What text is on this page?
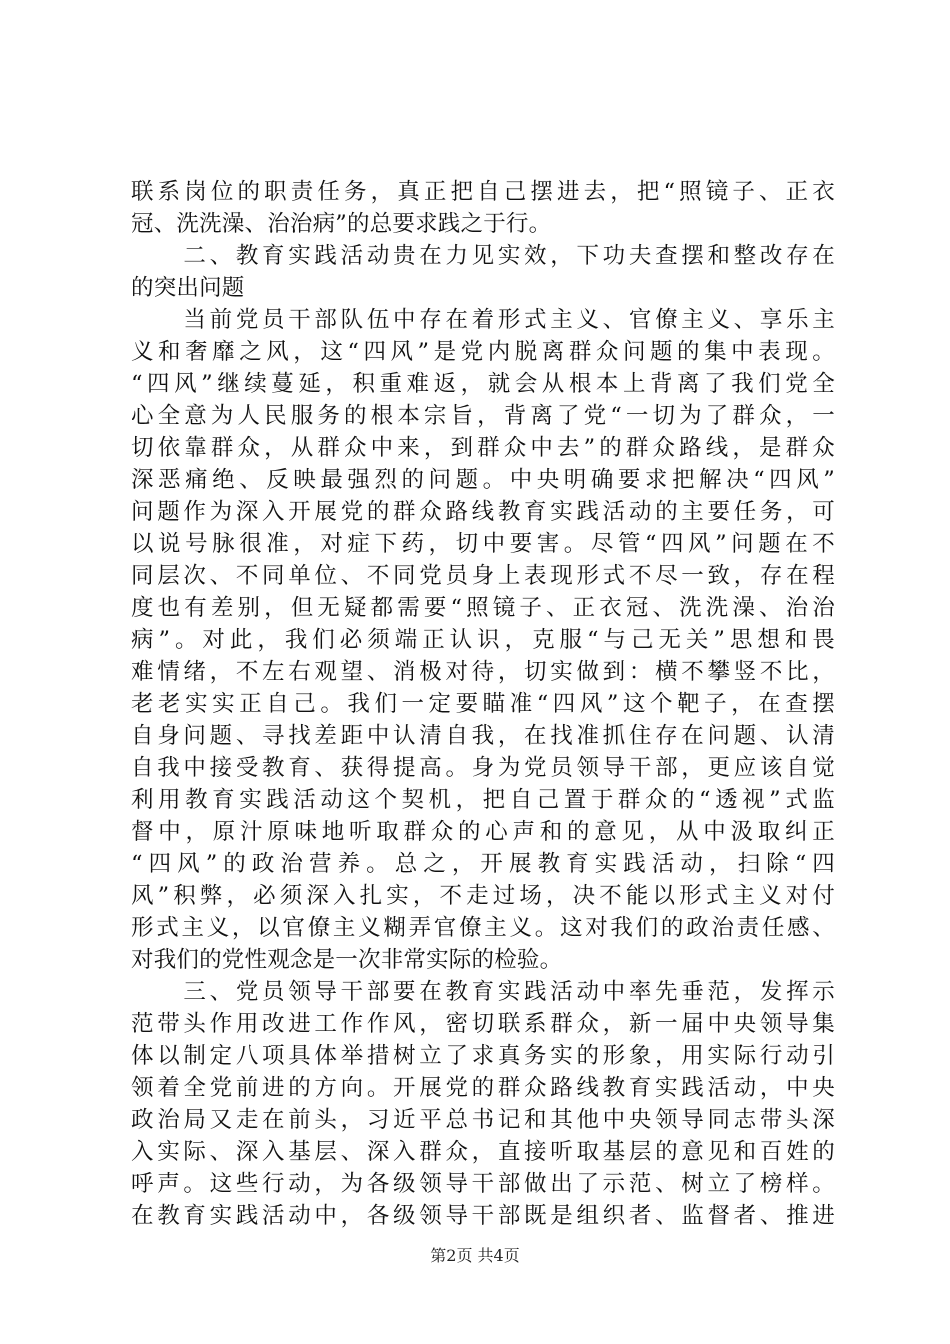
联系岗位的职责任务，真正把自己摆进去，把“照镜子、正衣
冠、洗洗澡、治治病”的总要求践之于行。
　　二、教育实践活动贵在力见实效，下功夫查摆和整改存在
的突出问题
　　当前党员干部队伍中存在着形式主义、官僚主义、享乐主
义和奢靡之风，这“四风”是党内脱离群众问题的集中表现。
“四风”继续蔓延，积重难返，就会从根本上背离了我们党全
心全意为人民服务的根本宗旨，背离了党“一切为了群众，一
切依靠群众，从群众中来，到群众中去”的群众路线，是群众
深恶痛绝、反映最强烈的问题。中央明确要求把解决“四风”
问题作为深入开展党的群众路线教育实践活动的主要任务，可
以说号脉很准，对症下药，切中要害。尽管“四风”问题在不
同层次、不同单位、不同党员身上表现形式不尽一致，存在程
度也有差别，但无疑都需要“照镜子、正衣冠、洗洗澡、治治
病”。对此，我们必须端正认识，克服“与己无关”思想和畏
难情绪，不左右观望、消极对待，切实做到：横不攀竖不比，
老老实实正自己。我们一定要瞄准“四风”这个靶子，在查摆
自身问题、寻找差距中认清自我，在找准抓住存在问题、认清
自我中接受教育、获得提高。身为党员领导干部，更应该自觉
利用教育实践活动这个契机，把自己置于群众的“透视”式监
督中，原汁原味地听取群众的心声和的意见，从中汲取纠正
“四风”的政治营养。总之，开展教育实践活动，扫除“四
风”积弊，必须深入扎实，不走过场，决不能以形式主义对付
形式主义，以官僚主义糊弄官僚主义。这对我们的政治责任感、
对我们的党性观念是一次非常实际的检验。
　　三、党员领导干部要在教育实践活动中率先垂范，发挥示
范带头作用改进工作作风，密切联系群众，新一届中央领导集
体以制定八项具体举措树立了求真务实的形象，用实际行动引
领着全党前进的方向。开展党的群众路线教育实践活动，中央
政治局又走在前头，习近平总书记和其他中央领导同志带头深
入实际、深入基层、深入群众，直接听取基层的意见和百姓的
呼声。这些行动，为各级领导干部做出了示范、树立了榜样。
在教育实践活动中，各级领导干部既是组织者、监督者、推进
第2页 共4页
